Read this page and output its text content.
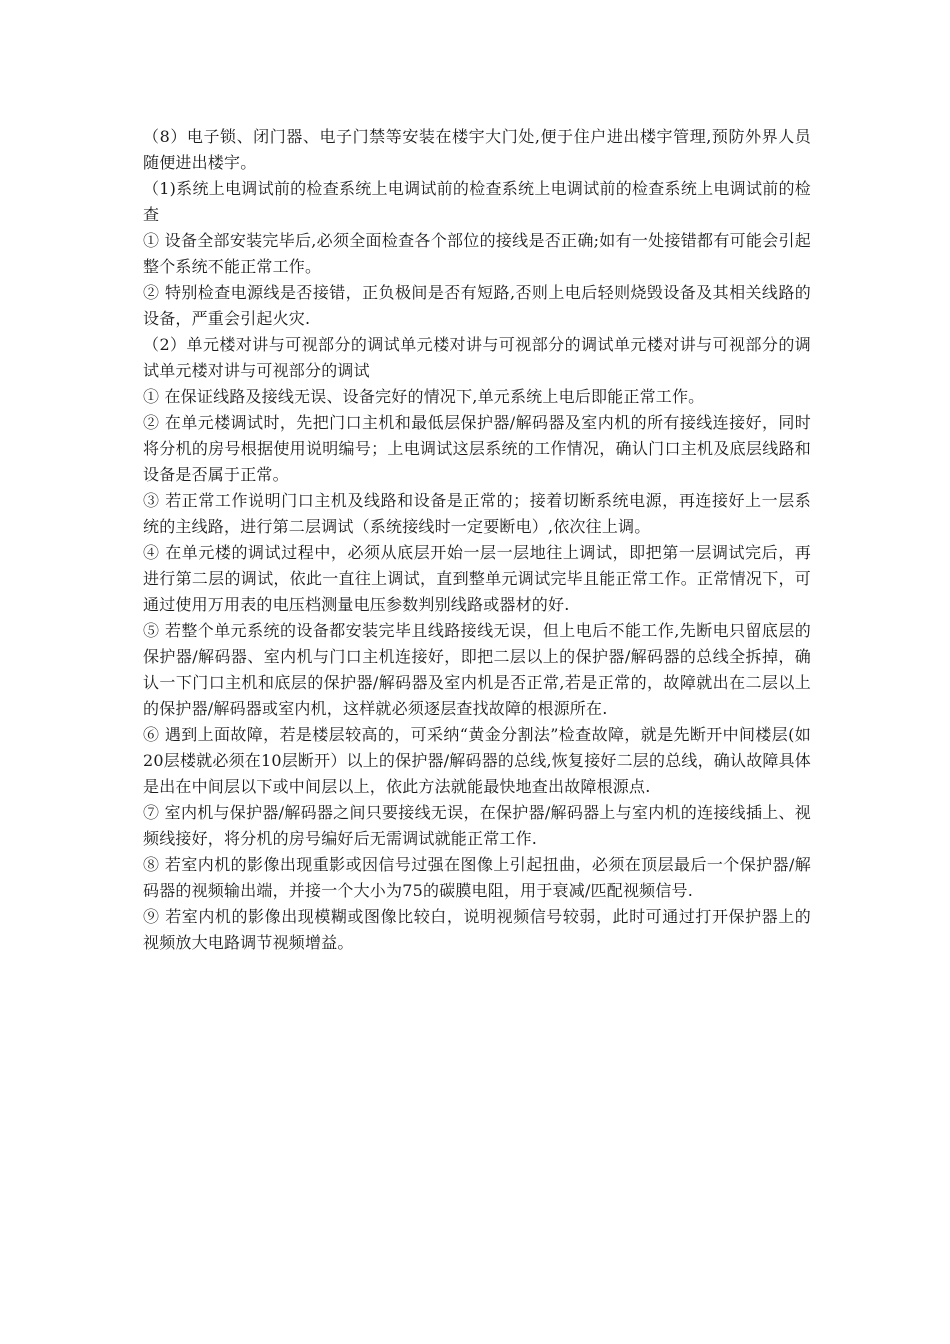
（8）电子锁、闭门器、电子门禁等安装在楼宇大门处,便于住户进出楼宇管理,预防外界人员随便进出楼宇。

（1)系统上电调试前的检查系统上电调试前的检查系统上电调试前的检查系统上电调试前的检查

① 设备全部安装完毕后,必须全面检查各个部位的接线是否正确;如有一处接错都有可能会引起整个系统不能正常工作。

② 特别检查电源线是否接错，正负极间是否有短路,否则上电后轻则烧毁设备及其相关线路的设备，严重会引起火灾.

（2）单元楼对讲与可视部分的调试单元楼对讲与可视部分的调试单元楼对讲与可视部分的调试单元楼对讲与可视部分的调试

① 在保证线路及接线无误、设备完好的情况下,单元系统上电后即能正常工作。

② 在单元楼调试时，先把门口主机和最低层保护器/解码器及室内机的所有接线连接好，同时将分机的房号根据使用说明编号；上电调试这层系统的工作情况，确认门口主机及底层线路和设备是否属于正常。

③ 若正常工作说明门口主机及线路和设备是正常的；接着切断系统电源，再连接好上一层系统的主线路，进行第二层调试（系统接线时一定要断电）,依次往上调。

④ 在单元楼的调试过程中，必须从底层开始一层一层地往上调试，即把第一层调试完后，再进行第二层的调试，依此一直往上调试，直到整单元调试完毕且能正常工作。正常情况下，可通过使用万用表的电压档测量电压参数判别线路或器材的好.

⑤ 若整个单元系统的设备都安装完毕且线路接线无误，但上电后不能工作,先断电只留底层的保护器/解码器、室内机与门口主机连接好，即把二层以上的保护器/解码器的总线全拆掉，确认一下门口主机和底层的保护器/解码器及室内机是否正常,若是正常的，故障就出在二层以上的保护器/解码器或室内机，这样就必须逐层查找故障的根源所在.

⑥ 遇到上面故障，若是楼层较高的，可采纳“黄金分割法”检查故障，就是先断开中间楼层(如20层楼就必须在10层断开）以上的保护器/解码器的总线,恢复接好二层的总线，确认故障具体是出在中间层以下或中间层以上，依此方法就能最快地查出故障根源点.

⑦ 室内机与保护器/解码器之间只要接线无误，在保护器/解码器上与室内机的连接线插上、视频线接好，将分机的房号编好后无需调试就能正常工作.

⑧ 若室内机的影像出现重影或因信号过强在图像上引起扭曲，必须在顶层最后一个保护器/解码器的视频输出端，并接一个大小为75的碳膜电阻，用于衰减/匹配视频信号.

⑨ 若室内机的影像出现模糊或图像比较白，说明视频信号较弱，此时可通过打开保护器上的视频放大电路调节视频增益。
